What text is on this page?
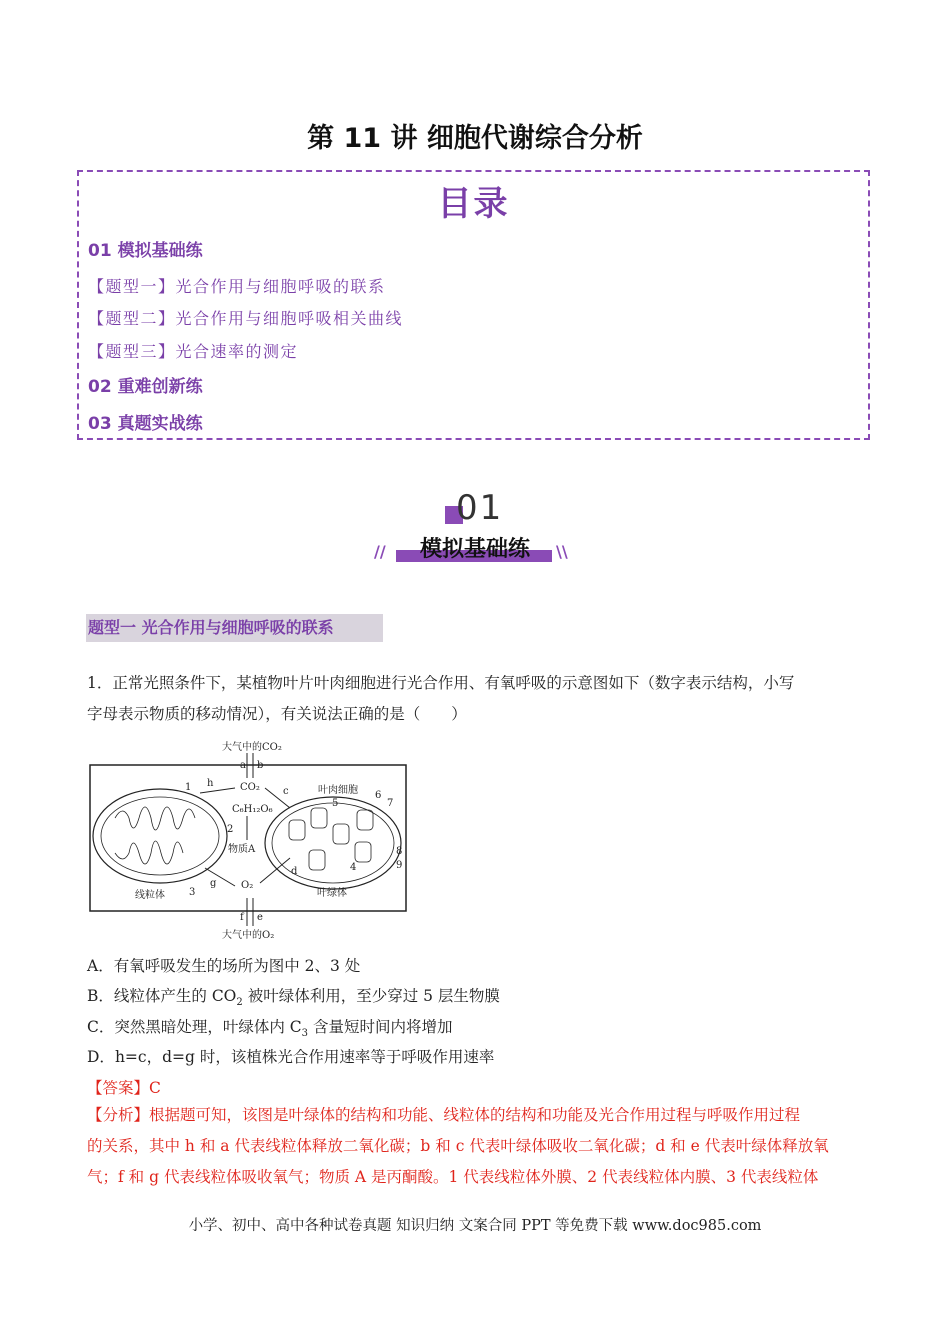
第 11 讲 细胞代谢综合分析
目录
01 模拟基础练
【题型一】光合作用与细胞呼吸的联系
【题型二】光合作用与细胞呼吸相关曲线
【题型三】光合速率的测定
02 重难创新练
03 真题实战练
01
//	\\
模拟基础练
题型一 光合作用与细胞呼吸的联系
1．正常光照条件下，某植物叶片叶肉细胞进行光合作用、有氧呼吸的示意图如下（数字表示结构，小写
字母表示物质的移动情况），有关说法正确的是（　　）
大气中的CO₂
a b
CO₂
C₆H₁₂O₆
物质A
O₂
线粒体
叶肉细胞
叶绿体
c
d
h
g
1
2
3
4
5
6
7
8
9
f e
大气中的O₂
A．有氧呼吸发生的场所为图中 2、3 处
B．线粒体产生的 $CO_2$ 被叶绿体利用，至少穿过 5 层生物膜
C．突然黑暗处理，叶绿体内 $C_3$ 含量短时间内将增加
D．h=c，d=g 时，该植株光合作用速率等于呼吸作用速率
【答案】C
【分析】根据题可知，该图是叶绿体的结构和功能、线粒体的结构和功能及光合作用过程与呼吸作用过程
的关系，其中 h 和 a 代表线粒体释放二氧化碳；b 和 c 代表叶绿体吸收二氧化碳；d 和 e 代表叶绿体释放氧
气；f 和 g 代表线粒体吸收氧气；物质 A 是丙酮酸。1 代表线粒体外膜、2 代表线粒体内膜、3 代表线粒体
小学、初中、高中各种试卷真题 知识归纳 文案合同 PPT 等免费下载 www.doc985.com
